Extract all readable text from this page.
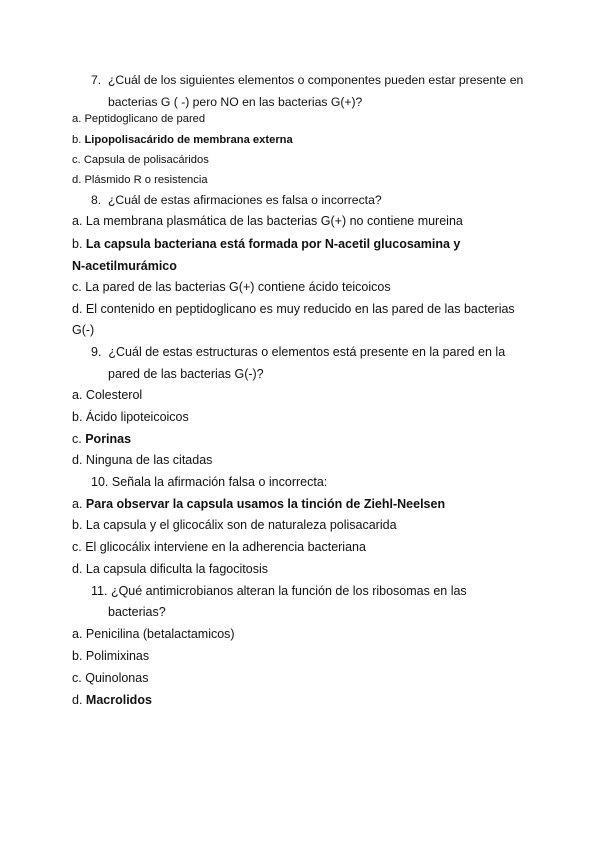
7. ¿Cuál de los siguientes elementos o componentes pueden estar presente en
bacterias G ( -) pero NO en las bacterias G(+)?
a. Peptidoglicano de pared
b. Lipopolisacárido de membrana externa
c. Capsula de polisacáridos
d. Plásmido R o resistencia
8. ¿Cuál de estas afirmaciones es falsa o incorrecta?
a. La membrana plasmática de las bacterias G(+) no contiene mureina
b. La capsula bacteriana está formada por N-acetil glucosamina y
N-acetilmurámico
c. La pared de las bacterias G(+) contiene ácido teicoicos
d. El contenido en peptidoglicano es muy reducido en las pared de las bacterias
G(-)
9. ¿Cuál de estas estructuras o elementos está presente en la pared en la
pared de las bacterias G(-)?
a. Colesterol
b. Ácido lipoteicoicos
c. Porinas
d. Ninguna de las citadas
10. Señala la afirmación falsa o incorrecta:
a. Para observar la capsula usamos la tinción de Ziehl-Neelsen
b. La capsula y el glicocálix son de naturaleza polisacarida
c. El glicocálix interviene en la adherencia bacteriana
d. La capsula dificulta la fagocitosis
11. ¿Qué antimicrobianos alteran la función de los ribosomas en las
bacterias?
a. Penicilina (betalactamicos)
b. Polimixinas
c. Quinolonas
d. Macrolidos
